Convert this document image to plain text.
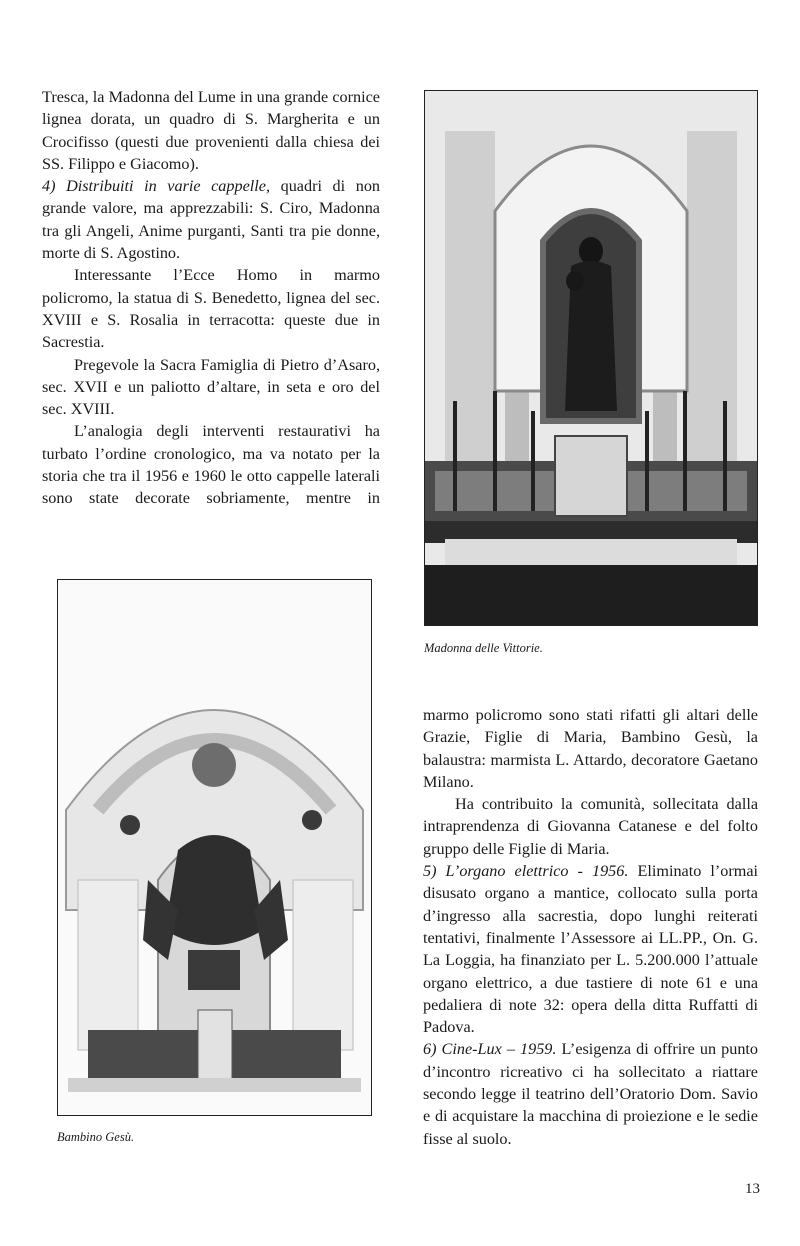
Tresca, la Madonna del Lume in una grande cornice lignea dorata, un quadro di S. Margherita e un Crocifisso (questi due provenienti dalla chiesa dei SS. Filippo e Giacomo).

4) Distribuiti in varie cappelle, quadri di non grande valore, ma apprezzabili: S. Ciro, Madonna tra gli Angeli, Anime purganti, Santi tra pie donne, morte di S. Agostino.

Interessante l’Ecce Homo in marmo policromo, la statua di S. Benedetto, lignea del sec. XVIII e S. Rosalia in terracotta: queste due in Sacrestia.

Pregevole la Sacra Famiglia di Pietro d’Asaro, sec. XVII e un paliotto d’altare, in seta e oro del sec. XVIII.

L’analogia degli interventi restaurativi ha turbato l’ordine cronologico, ma va notato per la storia che tra il 1956 e 1960 le otto cappelle laterali sono state decorate sobriamente, mentre in

Madonna delle Vittorie.
Bambino Gesù.

marmo policromo sono stati rifatti gli altari delle Grazie, Figlie di Maria, Bambino Gesù, la balaustra: marmista L. Attardo, decoratore Gaetano Milano.

Ha contribuito la comunità, sollecitata dalla intraprendenza di Giovanna Catanese e del folto gruppo delle Figlie di Maria.

5) L’organo elettrico - 1956. Eliminato l’ormai disusato organo a mantice, collocato sulla porta d’ingresso alla sacrestia, dopo lunghi reiterati tentativi, finalmente l’Assessore ai LL.PP., On. G. La Loggia, ha finanziato per L. 5.200.000 l’attuale organo elettrico, a due tastiere di note 61 e una pedaliera di note 32: opera della ditta Ruffatti di Padova.

6) Cine-Lux – 1959. L’esigenza di offrire un punto d’incontro ricreativo ci ha sollecitato a riattare secondo legge il teatrino dell’Oratorio Dom. Savio e di acquistare la macchina di proiezione e le sedie fisse al suolo.

13
